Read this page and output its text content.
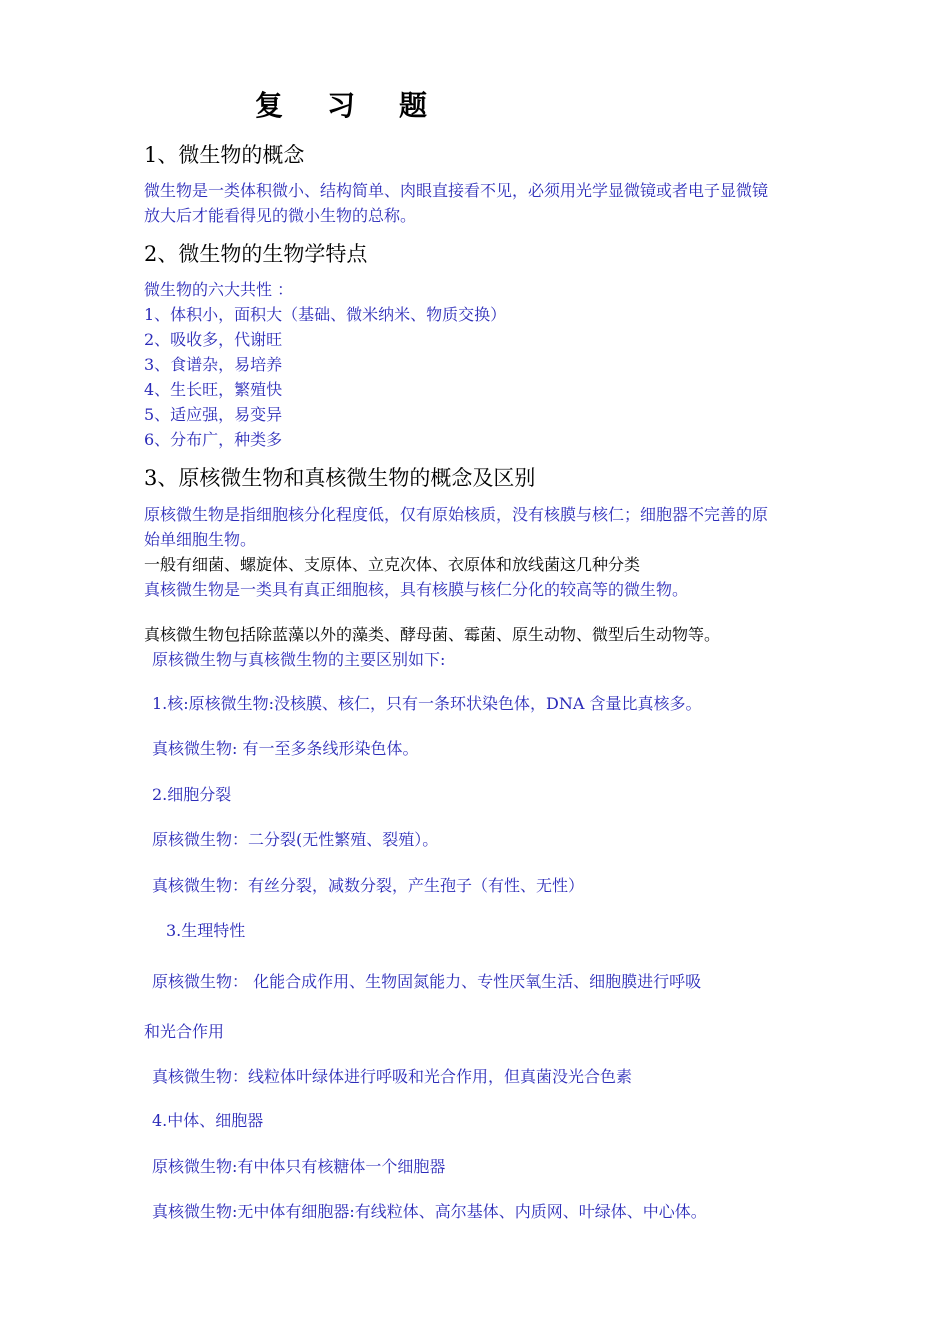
复习题
1、微生物的概念
微生物是一类体积微小、结构简单、肉眼直接看不见，必须用光学显微镜或者电子显微镜
放大后才能看得见的微小生物的总称。
2、微生物的生物学特点
微生物的六大共性 ：
1、体积小，面积大（基础、微米纳米、物质交换）
2、吸收多，代谢旺
3、食谱杂，易培养
4、生长旺，繁殖快
5、适应强，易变异
6、分布广，种类多
3、原核微生物和真核微生物的概念及区别
原核微生物是指细胞核分化程度低，仅有原始核质，没有核膜与核仁；细胞器不完善的原
始单细胞生物。
一般有细菌、螺旋体、支原体、立克次体、衣原体和放线菌这几种分类
真核微生物是一类具有真正细胞核，具有核膜与核仁分化的较高等的微生物。
真核微生物包括除蓝藻以外的藻类、酵母菌、霉菌、原生动物、微型后生动物等。
原核微生物与真核微生物的主要区别如下:
1.核:原核微生物:没核膜、核仁，只有一条环状染色体，DNA 含量比真核多。
真核微生物: 有一至多条线形染色体。
2.细胞分裂
原核微生物：二分裂(无性繁殖、裂殖）。
真核微生物：有丝分裂，减数分裂，产生孢子（有性、无性）
3.生理特性
原核微生物： 化能合成作用、生物固氮能力、专性厌氧生活、细胞膜进行呼吸
和光合作用
真核微生物：线粒体叶绿体进行呼吸和光合作用，但真菌没光合色素
4.中体、细胞器
原核微生物:有中体只有核糖体一个细胞器
真核微生物:无中体有细胞器:有线粒体、高尔基体、内质网、叶绿体、中心体。
